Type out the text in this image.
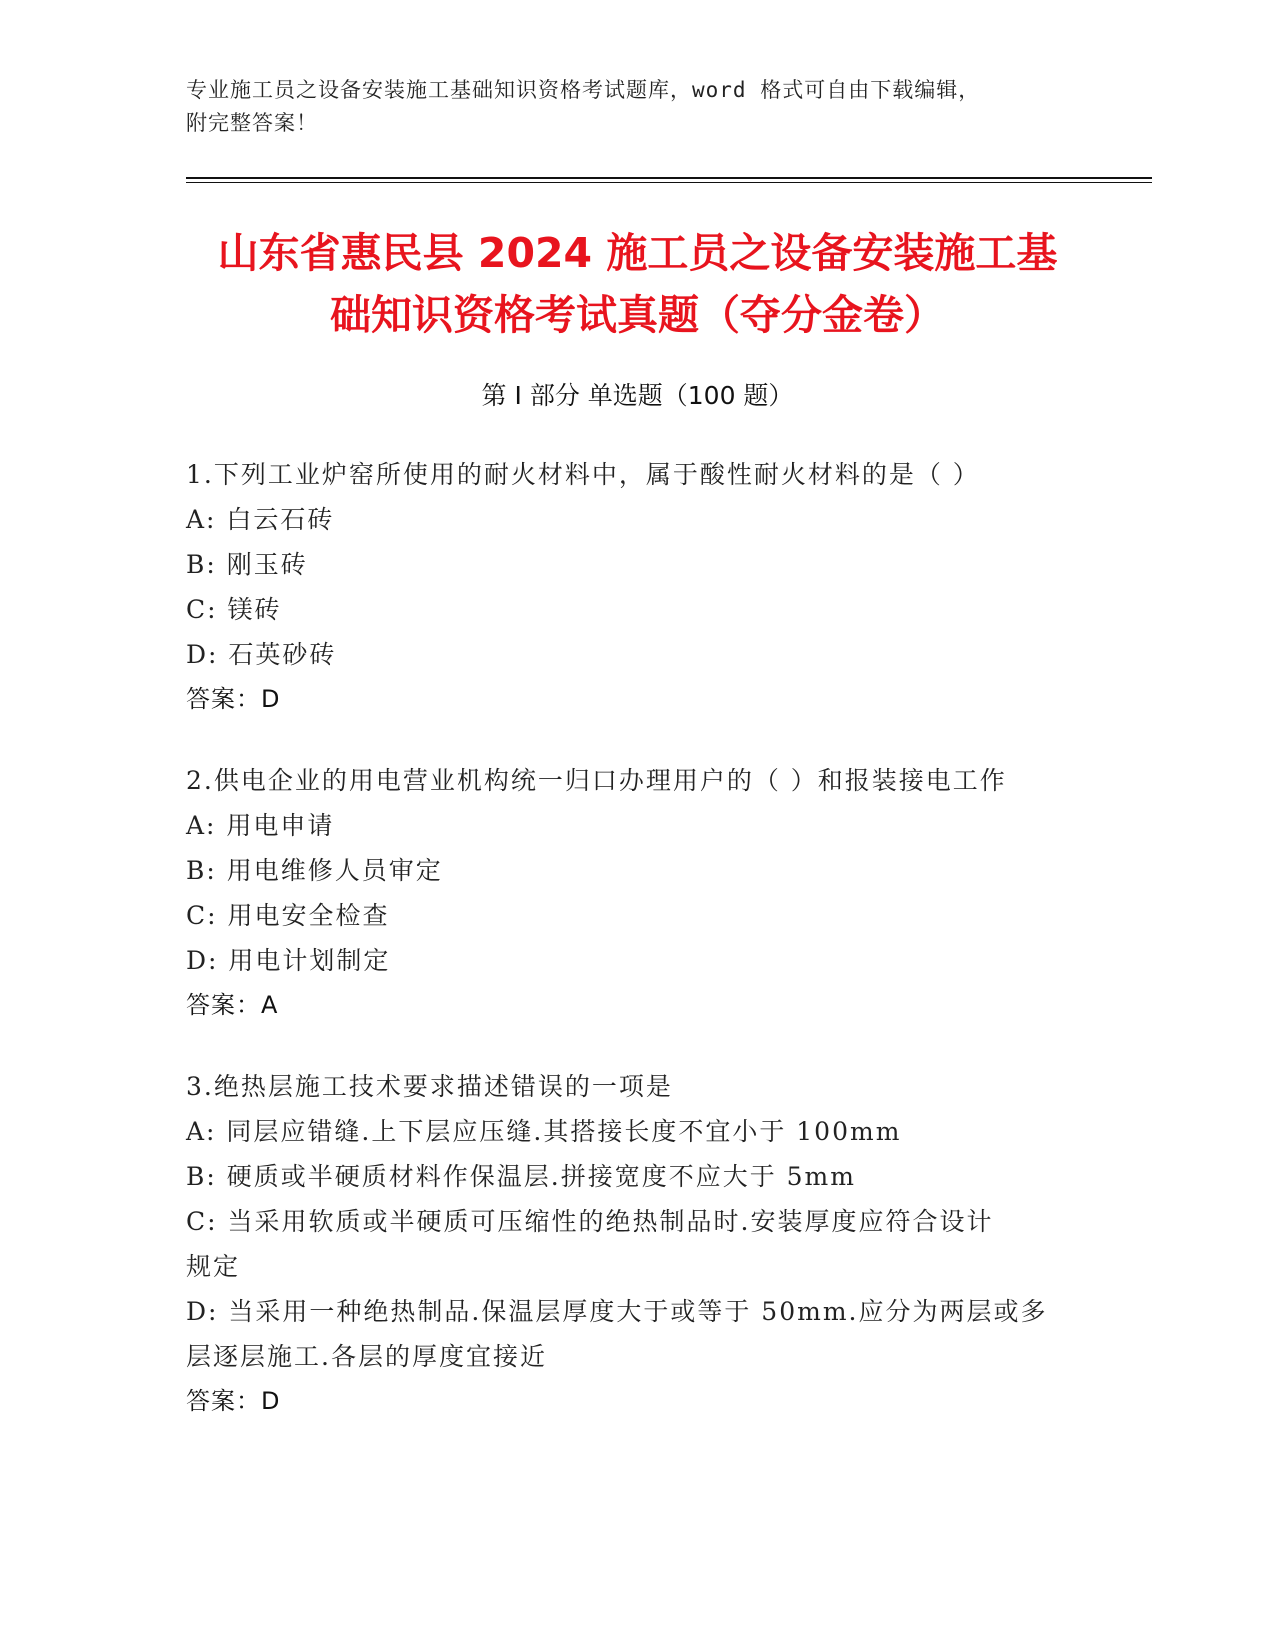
专业施工员之设备安装施工基础知识资格考试题库，word 格式可自由下载编辑，
附完整答案！
山东省惠民县 2024 施工员之设备安装施工基
础知识资格考试真题（夺分金卷）
第 I 部分 单选题（100 题）
1.下列工业炉窑所使用的耐火材料中，属于酸性耐火材料的是（ ）
A: 白云石砖
B: 刚玉砖
C: 镁砖
D: 石英砂砖
答案：D
2.供电企业的用电营业机构统一归口办理用户的（ ）和报装接电工作
A: 用电申请
B: 用电维修人员审定
C: 用电安全检查
D: 用电计划制定
答案：A
3.绝热层施工技术要求描述错误的一项是
A: 同层应错缝.上下层应压缝.其搭接长度不宜小于 100mm
B: 硬质或半硬质材料作保温层.拼接宽度不应大于 5mm
C: 当采用软质或半硬质可压缩性的绝热制品时.安装厚度应符合设计
规定
D: 当采用一种绝热制品.保温层厚度大于或等于 50mm.应分为两层或多
层逐层施工.各层的厚度宜接近
答案：D
